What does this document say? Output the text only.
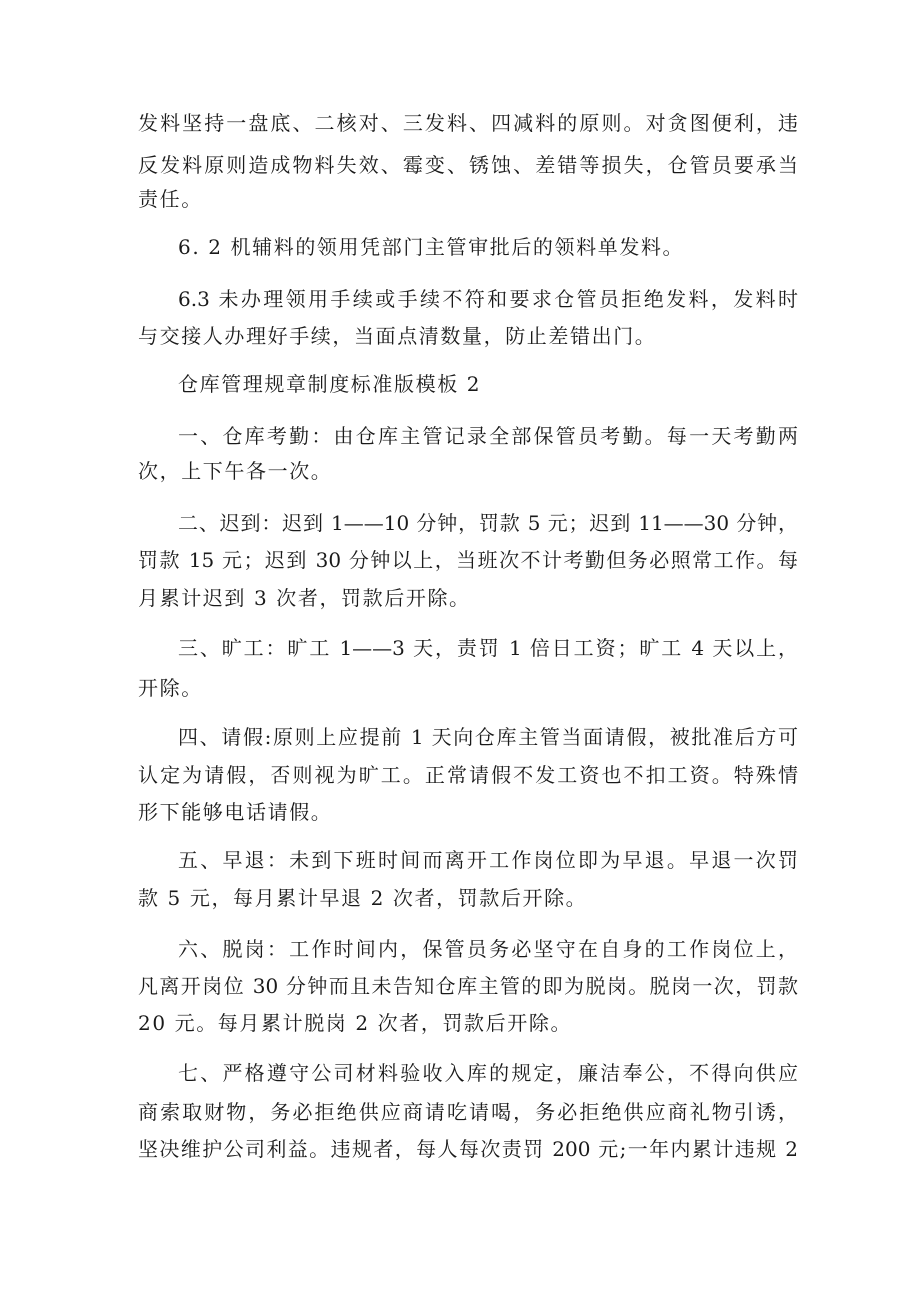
发料坚持一盘底、二核对、三发料、四减料的原则。对贪图便利，违
反发料原则造成物料失效、霉变、锈蚀、差错等损失，仓管员要承当
责任。
6. 2 机辅料的领用凭部门主管审批后的领料单发料。
6.3 未办理领用手续或手续不符和要求仓管员拒绝发料，发料时
与交接人办理好手续，当面点清数量，防止差错出门。
仓库管理规章制度标准版模板 2
一、仓库考勤：由仓库主管记录全部保管员考勤。每一天考勤两
次，上下午各一次。
二、迟到：迟到 1——10 分钟，罚款 5 元；迟到 11——30 分钟，
罚款 15 元；迟到 30 分钟以上，当班次不计考勤但务必照常工作。每
月累计迟到 3 次者，罚款后开除。
三、旷工：旷工 1——3 天，责罚 1 倍日工资；旷工 4 天以上，
开除。
四、请假:原则上应提前 1 天向仓库主管当面请假，被批准后方可
认定为请假，否则视为旷工。正常请假不发工资也不扣工资。特殊情
形下能够电话请假。
五、早退：未到下班时间而离开工作岗位即为早退。早退一次罚
款 5 元，每月累计早退 2 次者，罚款后开除。
六、脱岗：工作时间内，保管员务必坚守在自身的工作岗位上，
凡离开岗位 30 分钟而且未告知仓库主管的即为脱岗。脱岗一次，罚款
20 元。每月累计脱岗 2 次者，罚款后开除。
七、严格遵守公司材料验收入库的规定，廉洁奉公，不得向供应
商索取财物，务必拒绝供应商请吃请喝，务必拒绝供应商礼物引诱，
坚决维护公司利益。违规者，每人每次责罚 200 元;一年内累计违规 2
